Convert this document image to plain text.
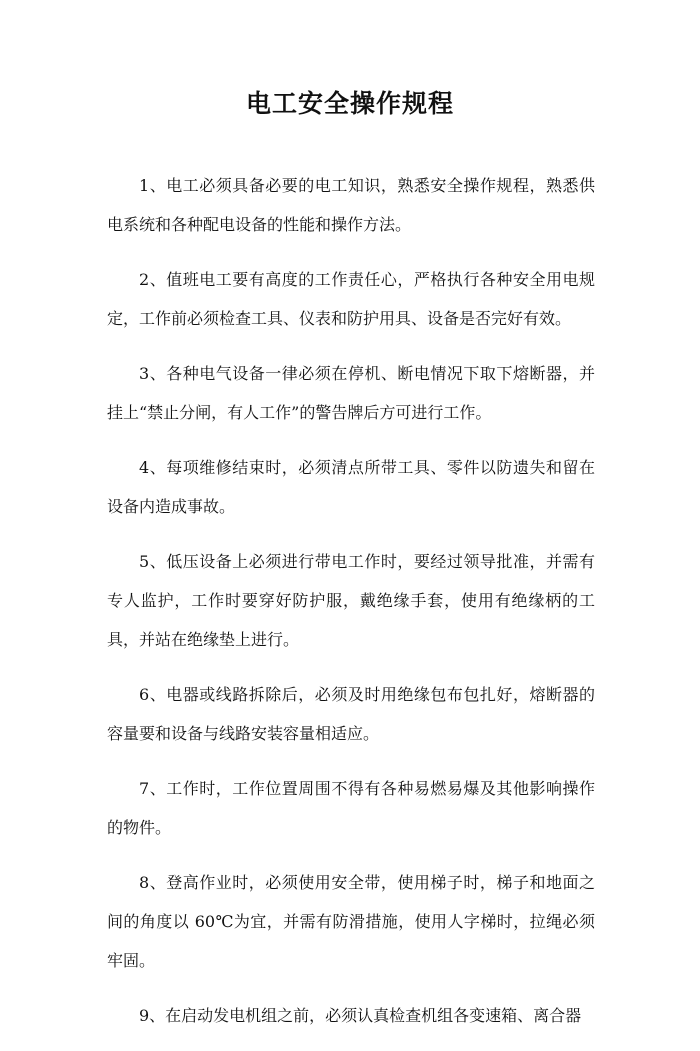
电工安全操作规程

1、电工必须具备必要的电工知识，熟悉安全操作规程，熟悉供电系统和各种配电设备的性能和操作方法。

2、值班电工要有高度的工作责任心，严格执行各种安全用电规定，工作前必须检查工具、仪表和防护用具、设备是否完好有效。

3、各种电气设备一律必须在停机、断电情况下取下熔断器，并挂上“禁止分闸，有人工作”的警告牌后方可进行工作。

4、每项维修结束时，必须清点所带工具、零件以防遗失和留在设备内造成事故。

5、低压设备上必须进行带电工作时，要经过领导批准，并需有专人监护，工作时要穿好防护服，戴绝缘手套，使用有绝缘柄的工具，并站在绝缘垫上进行。

6、电器或线路拆除后，必须及时用绝缘包布包扎好，熔断器的容量要和设备与线路安装容量相适应。

7、工作时，工作位置周围不得有各种易燃易爆及其他影响操作的物件。

8、登高作业时，必须使用安全带，使用梯子时，梯子和地面之间的角度以 60℃为宜，并需有防滑措施，使用人字梯时，拉绳必须牢固。

9、在启动发电机组之前，必须认真检查机组各变速箱、离合器
